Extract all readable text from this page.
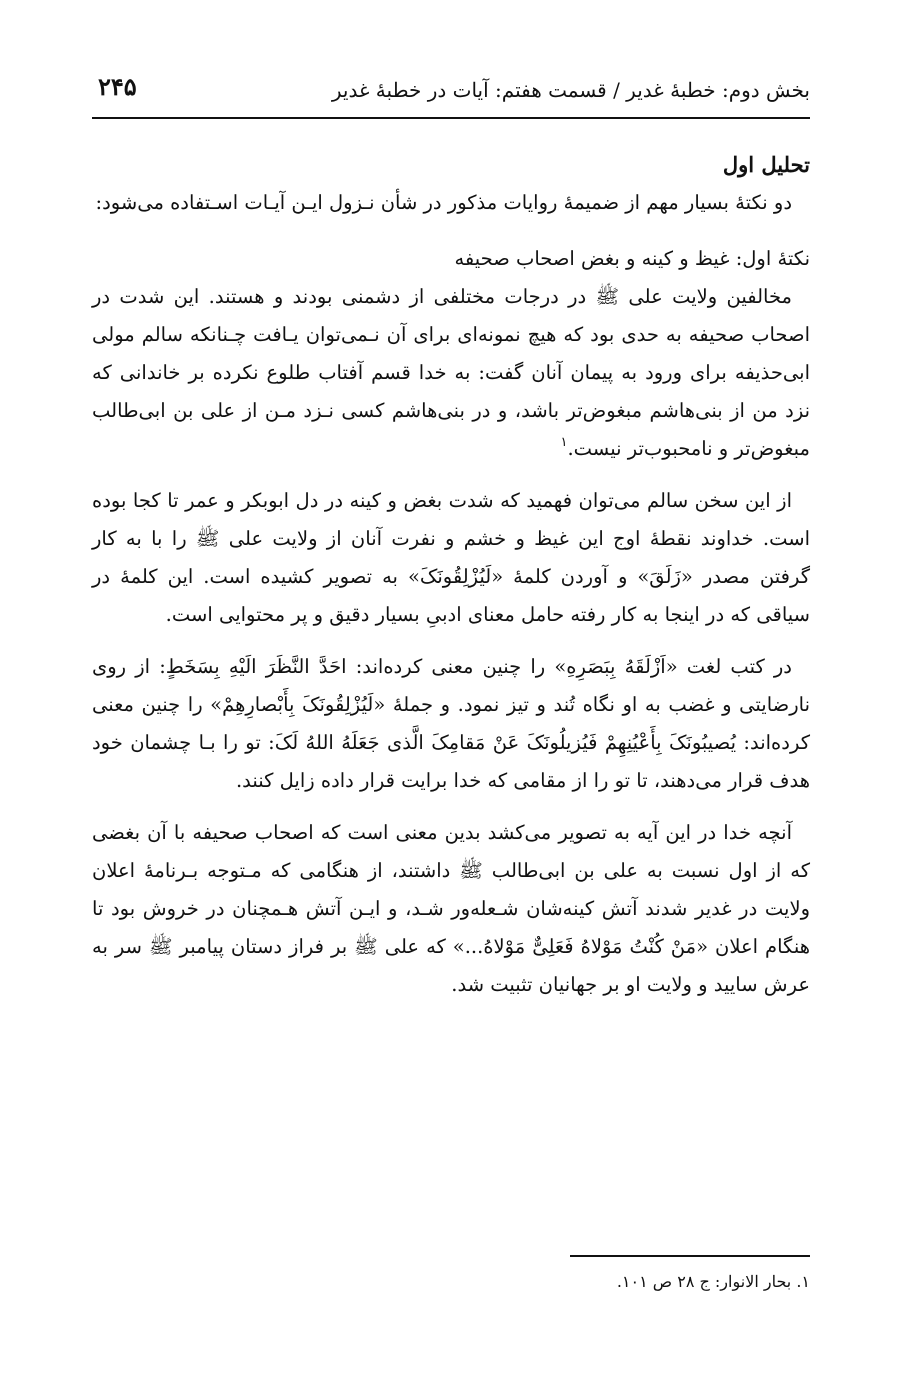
بخش دوم: خطبهٔ غدیر / قسمت هفتم: آیات در خطبهٔ غدیر
۲۴۵
تحلیل اول

دو نکتهٔ بسیار مهم از ضمیمهٔ روایات مذکور در شأن نـزول ایـن آیـات اسـتفاده می‌شود:

نکتهٔ اول: غیظ و کینه و بغض اصحاب صحیفه

مخالفین ولایت علی ﷺ در درجات مختلفی از دشمنی بودند و هستند. این شدت در اصحاب صحیفه به حدی بود که هیچ نمونه‌ای برای آن نـمی‌توان یـافت چـنانکه سالم مولی ابی‌حذیفه برای ورود به پیمان آنان گفت: به خدا قسم آفتاب طلوع نکرده بر خاندانی که نزد من از بنی‌هاشم مبغوض‌تر باشد، و در بنی‌هاشم کسی نـزد مـن از علی بن ابی‌طالب مبغوض‌تر و نامحبوب‌تر نیست.$^۱$

از این سخن سالم می‌توان فهمید که شدت بغض و کینه در دل ابوبکر و عمر تا کجا بوده است. خداوند نقطهٔ اوج این غیظ و خشم و نفرت آنان از ولایت علی ﷺ را با به کار گرفتن مصدر «زَلَقَ» و آوردن کلمهٔ «لَیُزْلِقُونَکَ» به تصویر کشیده است. این کلمهٔ در سیاقی که در اینجا به کار رفته حامل معنای ادبیِ بسیار دقیق و پر محتوایی است.

در کتب لغت «اَزْلَقَهُ بِبَصَرِهِ» را چنین معنی کرده‌اند: احَدَّ النَّظَرَ الَیْهِ بِسَخَطٍ: از روی نارضایتی و غضب به او نگاه تُند و تیز نمود. و جملهٔ «لَیُزْلِقُونَکَ بِأَبْصارِهِمْ» را چنین معنی کرده‌اند: یُصیبُونَکَ بِأَعْیُنِهِمْ فَیُزیلُونَکَ عَنْ مَقامِکَ الَّذی جَعَلَهُ اللهُ لَکَ: تو را بـا چشمان خود هدف قرار می‌دهند، تا تو را از مقامی که خدا برایت قرار داده زایل کنند.

آنچه خدا در این آیه به تصویر می‌کشد بدین معنی است که اصحاب صحیفه با آن بغضی که از اول نسبت به علی بن ابی‌طالب ﷺ داشتند، از هنگامی که مـتوجه بـرنامهٔ اعلان ولایت در غدیر شدند آتش کینه‌شان شـعله‌ور شـد، و ایـن آتش هـمچنان در خروش بود تا هنگام اعلان «مَنْ کُنْتُ مَوْلاهُ فَعَلِیٌّ مَوْلاهُ...» که علی ﷺ بر فراز دستان پیامبر ﷺ سر به عرش سایید و ولایت او بر جهانیان تثبیت شد.

۱. بحار الانوار: ج ۲۸ ص ۱۰۱.
